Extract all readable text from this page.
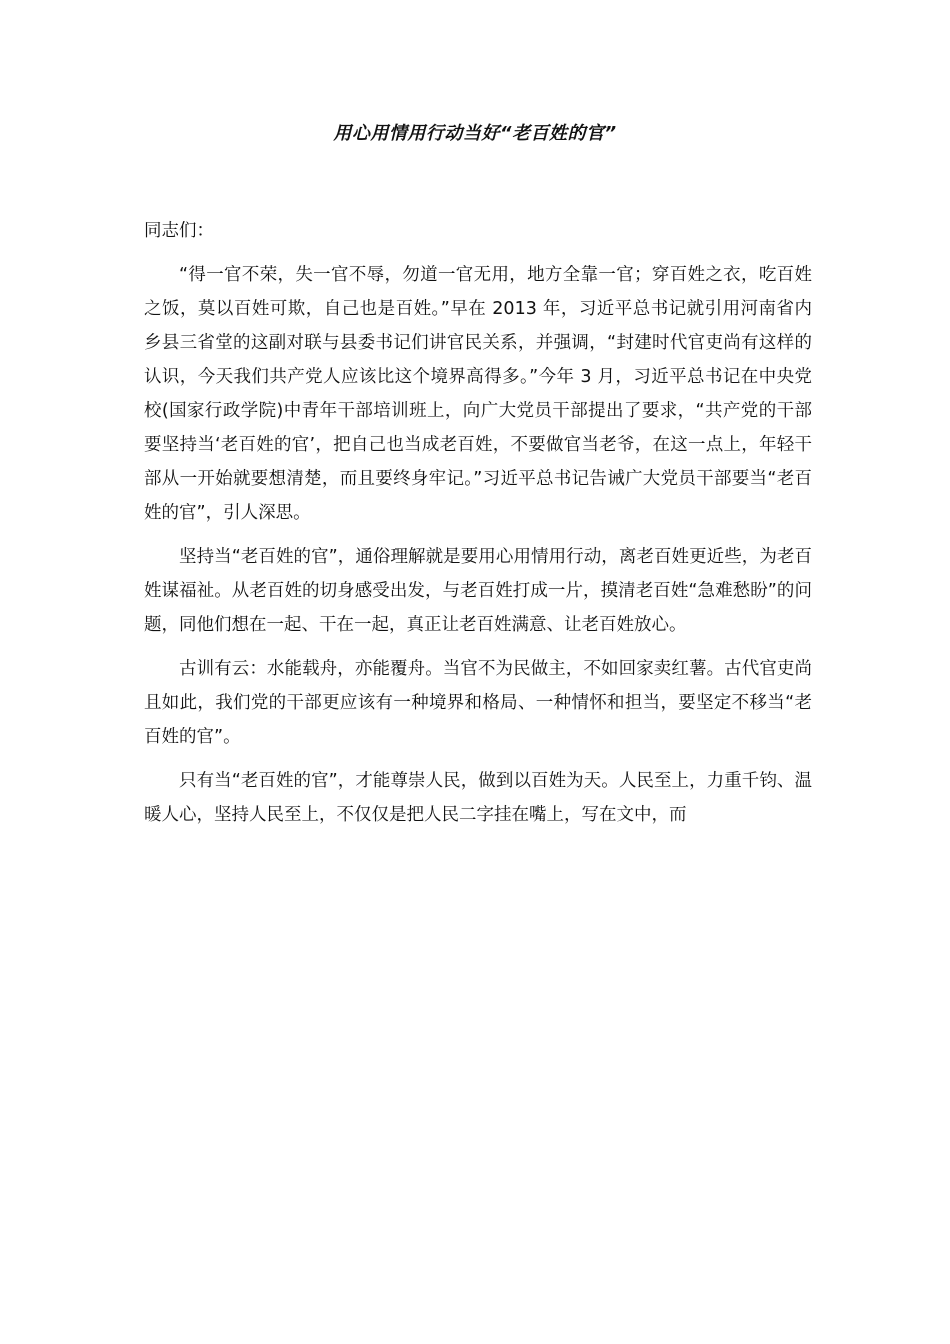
用心用情用行动当好“老百姓的官”

同志们：

“得一官不荣，失一官不辱，勿道一官无用，地方全靠一官；穿百姓之衣，吃百姓之饭，莫以百姓可欺，自己也是百姓。”早在 2013 年，习近平总书记就引用河南省内乡县三省堂的这副对联与县委书记们讲官民关系，并强调，“封建时代官吏尚有这样的认识，今天我们共产党人应该比这个境界高得多。”今年 3 月，习近平总书记在中央党校(国家行政学院)中青年干部培训班上，向广大党员干部提出了要求，“共产党的干部要坚持当‘老百姓的官’，把自己也当成老百姓，不要做官当老爷，在这一点上，年轻干部从一开始就要想清楚，而且要终身牢记。”习近平总书记告诫广大党员干部要当“老百姓的官”，引人深思。

坚持当“老百姓的官”，通俗理解就是要用心用情用行动，离老百姓更近些，为老百姓谋福祉。从老百姓的切身感受出发，与老百姓打成一片，摸清老百姓“急难愁盼”的问题，同他们想在一起、干在一起，真正让老百姓满意、让老百姓放心。

古训有云：水能载舟，亦能覆舟。当官不为民做主，不如回家卖红薯。古代官吏尚且如此，我们党的干部更应该有一种境界和格局、一种情怀和担当，要坚定不移当“老百姓的官”。

只有当“老百姓的官”，才能尊崇人民，做到以百姓为天。人民至上，力重千钧、温暖人心，坚持人民至上，不仅仅是把人民二字挂在嘴上，写在文中，而
